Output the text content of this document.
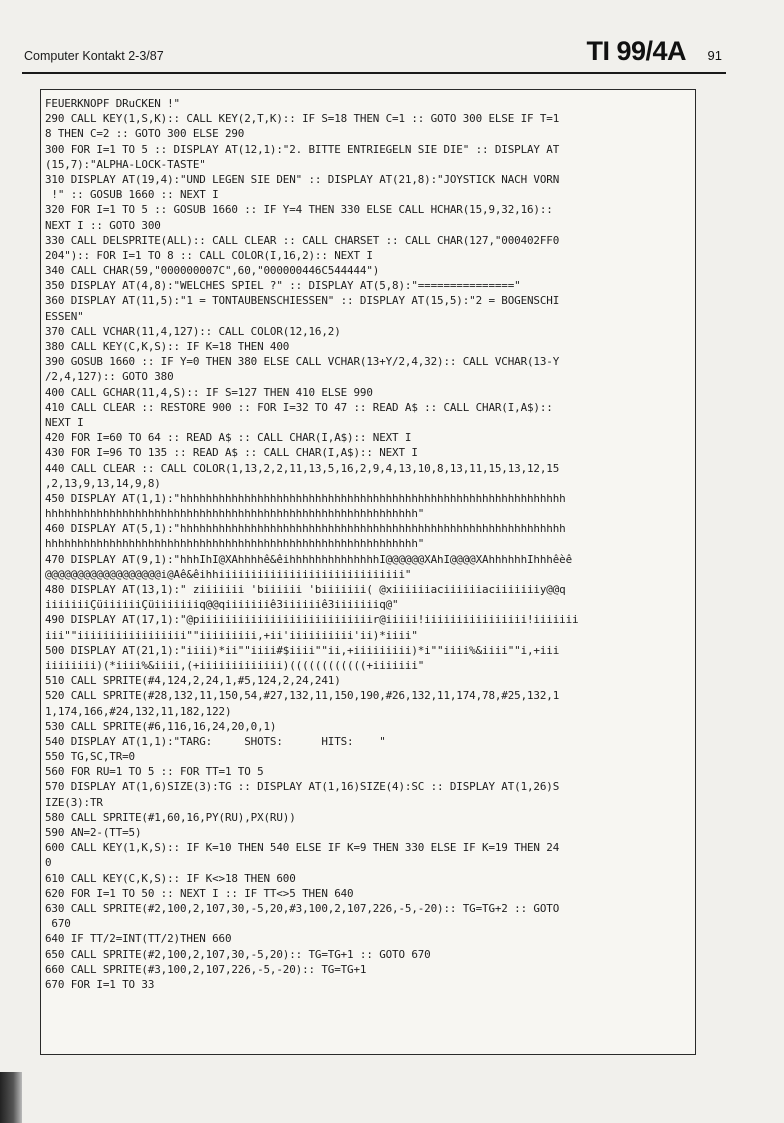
Computer Kontakt 2-3/87	TI 99/4A 91
FEUERKNOPF DRuCKEN !"
290 CALL KEY(1,S,K):: CALL KEY(2,T,K):: IF S=18 THEN C=1 :: GOTO 300 ELSE IF T=1
8 THEN C=2 :: GOTO 300 ELSE 290
300 FOR I=1 TO 5 :: DISPLAY AT(12,1):"2. BITTE ENTRIEGELN SIE DIE" :: DISPLAY AT
(15,7):"ALPHA-LOCK-TASTE"
310 DISPLAY AT(19,4):"UND LEGEN SIE DEN" :: DISPLAY AT(21,8):"JOYSTICK NACH VORN
!" :: GOSUB 1660 :: NEXT I
320 FOR I=1 TO 5 :: GOSUB 1660 :: IF Y=4 THEN 330 ELSE CALL HCHAR(15,9,32,16)::
NEXT I :: GOTO 300
330 CALL DELSPRITE(ALL):: CALL CLEAR :: CALL CHARSET :: CALL CHAR(127,"000402FF0
204"):: FOR I=1 TO 8 :: CALL COLOR(I,16,2):: NEXT I
340 CALL CHAR(59,"000000007C",60,"000000446C544444")
350 DISPLAY AT(4,8):"WELCHES SPIEL ?" :: DISPLAY AT(5,8):"==============="
360 DISPLAY AT(11,5):"1 = TONTAUBENSCHIESSEN" :: DISPLAY AT(15,5):"2 = BOGENSCHI
ESSEN"
370 CALL VCHAR(11,4,127):: CALL COLOR(12,16,2)
380 CALL KEY(C,K,S):: IF K=18 THEN 400
390 GOSUB 1660 :: IF Y=0 THEN 380 ELSE CALL VCHAR(13+Y/2,4,32):: CALL VCHAR(13-Y
/2,4,127):: GOTO 380
400 CALL GCHAR(11,4,S):: IF S=127 THEN 410 ELSE 990
410 CALL CLEAR :: RESTORE 900 :: FOR I=32 TO 47 :: READ A$ :: CALL CHAR(I,A$)::
NEXT I
420 FOR I=60 TO 64 :: READ A$ :: CALL CHAR(I,A$):: NEXT I
430 FOR I=96 TO 135 :: READ A$ :: CALL CHAR(I,A$):: NEXT I
440 CALL CLEAR :: CALL COLOR(1,13,2,2,11,13,5,16,2,9,4,13,10,8,13,11,15,13,12,15
,2,13,9,13,14,9,8)
450 DISPLAY AT(1,1):"hhhhhhhhhhhhhhhhhhhhhhhhhhhhhhhhhhhhhhhhhhhhhhhhhhhhhhhhhhhh
hhhhhhhhhhhhhhhhhhhhhhhhhhhhhhhhhhhhhhhhhhhhhhhhhhhhhhhhhh"
460 DISPLAY AT(5,1):"hhhhhhhhhhhhhhhhhhhhhhhhhhhhhhhhhhhhhhhhhhhhhhhhhhhhhhhhhhhh
hhhhhhhhhhhhhhhhhhhhhhhhhhhhhhhhhhhhhhhhhhhhhhhhhhhhhhhhhh"
470 DISPLAY AT(9,1):"hhhIhI@XAhhhhê&êihhhhhhhhhhhhhhI@@@@@@XAhI@@@@XAhhhhhhIhhhêèê
@@@@@@@@@@@@@@@@@@i@Aê&êihhiiiiiiiiiiiiiiiiiiiiiiiiiiiii"
480 DISPLAY AT(13,1):" ziiiiiii 'biiiiii 'biiiiiii( @xiiiiiiaciiiiiiaciiiiiiiy@@q
iiiiiiiÇüiiiiiiÇüiiiiiiiq@@qiiiiiiiê3iiiiiiê3iiiiiiiq@"
490 DISPLAY AT(17,1):"@piiiiiiiiiiiiiiiiiiiiiiiiiiir@iiiii!iiiiiiiiiiiiiiii!iiiiiii
iii""iiiiiiiiiiiiiiiii""iiiiiiiii,+ii'iiiiiiiiii'ii)*iiii"
500 DISPLAY AT(21,1):"iiii)*ii""iiii#$iiii""ii,+iiiiiiiii)*i""iiii%&iiii""i,+iii
iiiiiiii)(*iiii%&iiii,(+iiiiiiiiiiiii)((((((((((((+iiiiiii"
510 CALL SPRITE(#4,124,2,24,1,#5,124,2,24,241)
520 CALL SPRITE(#28,132,11,150,54,#27,132,11,150,190,#26,132,11,174,78,#25,132,1
1,174,166,#24,132,11,182,122)
530 CALL SPRITE(#6,116,16,24,20,0,1)
540 DISPLAY AT(1,1):"TARG:     SHOTS:      HITS:    "
550 TG,SC,TR=0
560 FOR RU=1 TO 5 :: FOR TT=1 TO 5
570 DISPLAY AT(1,6)SIZE(3):TG :: DISPLAY AT(1,16)SIZE(4):SC :: DISPLAY AT(1,26)S
IZE(3):TR
580 CALL SPRITE(#1,60,16,PY(RU),PX(RU))
590 AN=2-(TT=5)
600 CALL KEY(1,K,S):: IF K=10 THEN 540 ELSE IF K=9 THEN 330 ELSE IF K=19 THEN 24
0
610 CALL KEY(C,K,S):: IF K<>18 THEN 600
620 FOR I=1 TO 50 :: NEXT I :: IF TT<>5 THEN 640
630 CALL SPRITE(#2,100,2,107,30,-5,20,#3,100,2,107,226,-5,-20):: TG=TG+2 :: GOTO
670
640 IF TT/2=INT(TT/2)THEN 660
650 CALL SPRITE(#2,100,2,107,30,-5,20):: TG=TG+1 :: GOTO 670
660 CALL SPRITE(#3,100,2,107,226,-5,-20):: TG=TG+1
670 FOR I=1 TO 33
